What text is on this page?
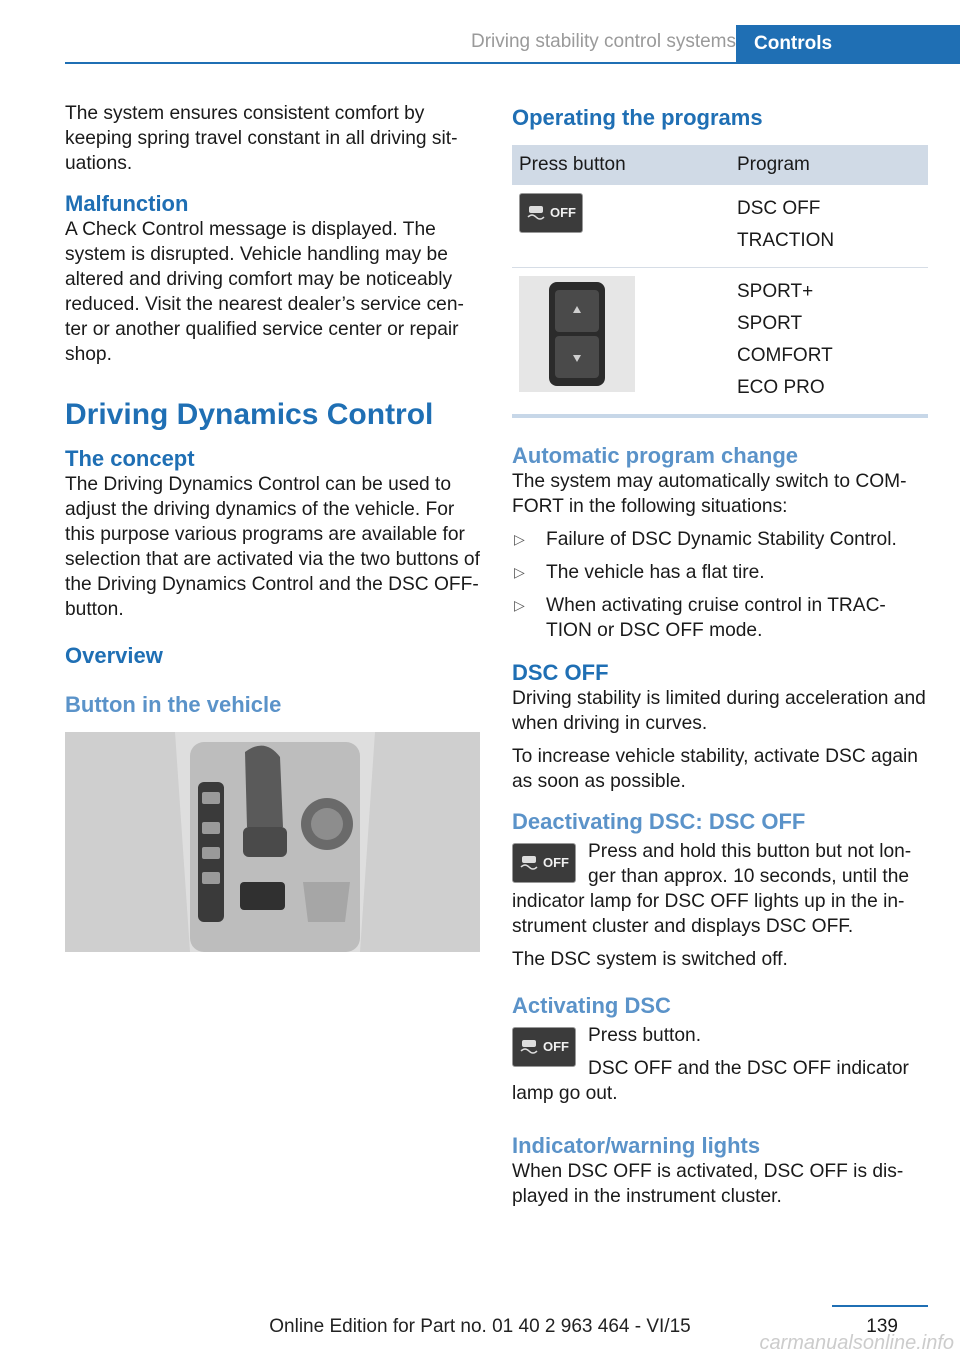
Driving stability control systems Controls

The system ensures consistent comfort by keeping spring travel constant in all driving sit‐uations.

Malfunction

A Check Control message is displayed. The system is disrupted. Vehicle handling may be altered and driving comfort may be noticeably reduced. Visit the nearest dealer’s service cen‐ter or another qualified service center or repair shop.

Driving Dynamics Control
The concept

The Driving Dynamics Control can be used to adjust the driving dynamics of the vehicle. For this purpose various programs are available for selection that are activated via the two buttons of the Driving Dynamics Control and the DSC OFF-button.

Overview
Button in the vehicle
Operating the programs
Press button	Program

OFF	DSC OFF
TRACTION

SPORT+
SPORT
COMFORT
ECO PRO
Automatic program change

The system may automatically switch to COM‐FORT in the following situations:

▷ Failure of DSC Dynamic Stability Control.
▷ The vehicle has a flat tire.
▷ When activating cruise control in TRAC‐TION or DSC OFF mode.
DSC OFF

Driving stability is limited during acceleration and when driving in curves.

To increase vehicle stability, activate DSC again as soon as possible.

Deactivating DSC: DSC OFF
OFF

Press and hold this button but not lon‐ger than approx. 10 seconds, until the indicator lamp for DSC OFF lights up in the in‐strument cluster and displays DSC OFF.

The DSC system is switched off.

Activating DSC
OFF

Press button.

DSC OFF and the DSC OFF indicator lamp go out.

Indicator/warning lights

When DSC OFF is activated, DSC OFF is dis‐played in the instrument cluster.

139
Online Edition for Part no. 01 40 2 963 464 - VI/15
carmanualsonline.info
